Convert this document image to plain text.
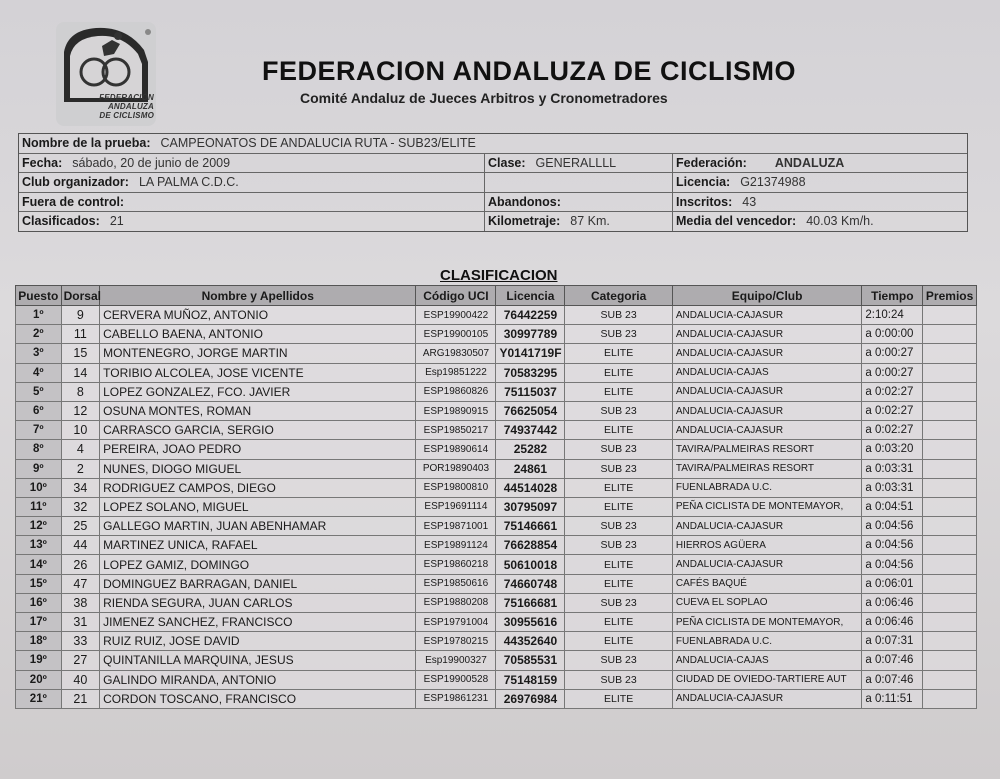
FEDERACIÓN
ANDALUZA
DE CICLISMO
FEDERACION ANDALUZA DE CICLISMO
Comité Andaluz de Jueces Arbitros y Cronometradores
Nombre de la prueba: CAMPEONATOS DE ANDALUCIA RUTA - SUB23/ELITE
Fecha: sábado, 20 de junio de 2009	Clase: GENERALLLL	Federación: ANDALUZA
Club organizador: LA PALMA C.D.C.	Licencia: G21374988
Fuera de control:	Abandonos:	Inscritos: 43
Clasificados: 21	Kilometraje: 87 Km.	Media del vencedor: 40.03 Km/h.
CLASIFICACION
Puesto	Dorsal	Nombre y Apellidos	Código UCI	Licencia	Categoria	Equipo/Club	Tiempo	Premios
1º	9	CERVERA MUÑOZ, ANTONIO	ESP19900422	76442259	SUB 23	ANDALUCIA-CAJASUR	2:10:24	
2º	11	CABELLO BAENA, ANTONIO	ESP19900105	30997789	SUB 23	ANDALUCIA-CAJASUR	a 0:00:00	
3º	15	MONTENEGRO, JORGE MARTIN	ARG19830507	Y0141719F	ELITE	ANDALUCIA-CAJASUR	a 0:00:27	
4º	14	TORIBIO ALCOLEA, JOSE VICENTE	Esp19851222	70583295	ELITE	ANDALUCIA-CAJAS	a 0:00:27	
5º	8	LOPEZ GONZALEZ, FCO. JAVIER	ESP19860826	75115037	ELITE	ANDALUCIA-CAJASUR	a 0:02:27	
6º	12	OSUNA MONTES, ROMAN	ESP19890915	76625054	SUB 23	ANDALUCIA-CAJASUR	a 0:02:27	
7º	10	CARRASCO GARCIA, SERGIO	ESP19850217	74937442	ELITE	ANDALUCIA-CAJASUR	a 0:02:27	
8º	4	PEREIRA, JOAO PEDRO	ESP19890614	25282	SUB 23	TAVIRA/PALMEIRAS RESORT	a 0:03:20	
9º	2	NUNES, DIOGO MIGUEL	POR19890403	24861	SUB 23	TAVIRA/PALMEIRAS RESORT	a 0:03:31	
10º	34	RODRIGUEZ CAMPOS, DIEGO	ESP19800810	44514028	ELITE	FUENLABRADA U.C.	a 0:03:31	
11º	32	LOPEZ SOLANO, MIGUEL	ESP19691114	30795097	ELITE	PEÑA CICLISTA DE MONTEMAYOR,	a 0:04:51	
12º	25	GALLEGO MARTIN, JUAN ABENHAMAR	ESP19871001	75146661	SUB 23	ANDALUCIA-CAJASUR	a 0:04:56	
13º	44	MARTINEZ UNICA, RAFAEL	ESP19891124	76628854	SUB 23	HIERROS AGÜERA	a 0:04:56	
14º	26	LOPEZ GAMIZ, DOMINGO	ESP19860218	50610018	ELITE	ANDALUCIA-CAJASUR	a 0:04:56	
15º	47	DOMINGUEZ BARRAGAN, DANIEL	ESP19850616	74660748	ELITE	CAFÉS BAQUÉ	a 0:06:01	
16º	38	RIENDA SEGURA, JUAN CARLOS	ESP19880208	75166681	SUB 23	CUEVA EL SOPLAO	a 0:06:46	
17º	31	JIMENEZ SANCHEZ, FRANCISCO	ESP19791004	30955616	ELITE	PEÑA CICLISTA DE MONTEMAYOR,	a 0:06:46	
18º	33	RUIZ RUIZ, JOSE DAVID	ESP19780215	44352640	ELITE	FUENLABRADA U.C.	a 0:07:31	
19º	27	QUINTANILLA MARQUINA, JESUS	Esp19900327	70585531	SUB 23	ANDALUCIA-CAJAS	a 0:07:46	
20º	40	GALINDO MIRANDA, ANTONIO	ESP19900528	75148159	SUB 23	CIUDAD DE OVIEDO-TARTIERE AUT	a 0:07:46	
21º	21	CORDON TOSCANO, FRANCISCO	ESP19861231	26976984	ELITE	ANDALUCIA-CAJASUR	a 0:11:51	
